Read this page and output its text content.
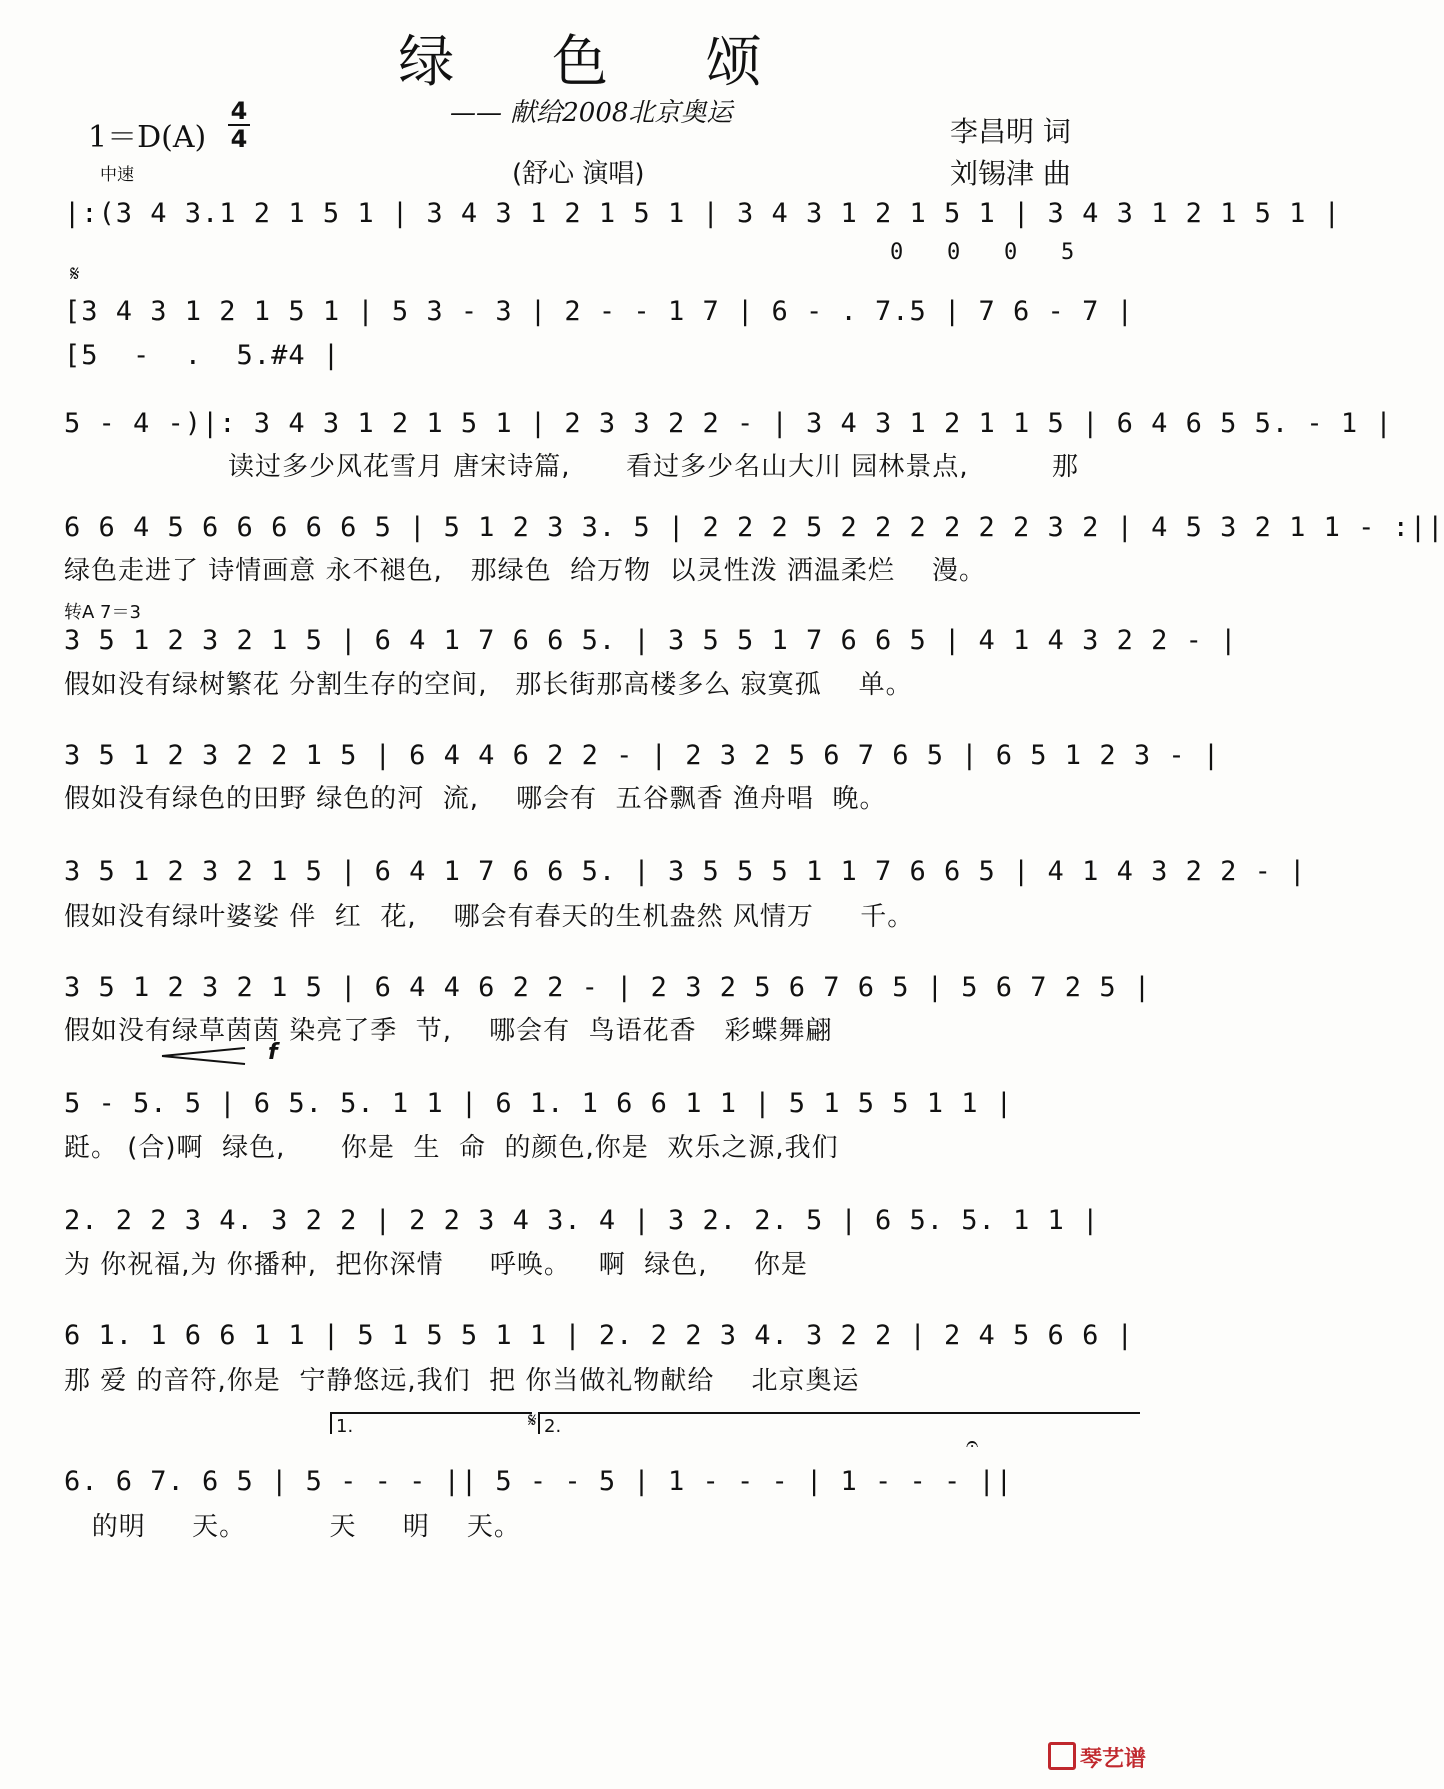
绿 色 颂
—— 献给2008北京奥运
1＝D(A)
4
4
中速	(舒心 演唱)
李昌明 词
刘锡津 曲
|:(3 4 3.1 2 1 5 1 | 3 4 3 1 2 1 5 1 | 3 4 3 1 2 1 5 1 | 3 4 3 1 2 1 5 1 |
0   0   0   5
𝄋
[3 4 3 1 2 1 5 1 | 5 3 - 3 | 2 - - 1 7 | 6 - . 7.5 | 7 6 - 7 |
[5  -  .  5.#4 |
5 - 4 -)|: 3 4 3 1 2 1 5 1 | 2 3 3 2 2 - | 3 4 3 1 2 1 1 5 | 6 4 6 5 5. - 1 |
读过多少风花雪月 唐宋诗篇,      看过多少名山大川 园林景点,         那
6 6 4 5 6 6 6 6 6 5 | 5 1 2 3 3. 5 | 2 2 2 5 2 2 2 2 2 2 3 2 | 4 5 3 2 1 1 - :||
绿色走进了 诗情画意 永不褪色,   那绿色  给万物  以灵性泼 洒温柔烂    漫。
转A 7＝3
3 5 1 2 3 2 1 5 | 6 4 1 7 6 6 5. | 3 5 5 1 7 6 6 5 | 4 1 4 3 2 2 - |
假如没有绿树繁花 分割生存的空间,   那长街那高楼多么 寂寞孤    单。
3 5 1 2 3 2 2 1 5 | 6 4 4 6 2 2 - | 2 3 2 5 6 7 6 5 | 6 5 1 2 3 - |
假如没有绿色的田野 绿色的河  流,    哪会有  五谷飘香 渔舟唱  晚。
3 5 1 2 3 2 1 5 | 6 4 1 7 6 6 5. | 3 5 5 5 1 1 7 6 6 5 | 4 1 4 3 2 2 - |
假如没有绿叶婆娑 伴  红  花,    哪会有春天的生机盎然 风情万     千。
3 5 1 2 3 2 1 5 | 6 4 4 6 2 2 - | 2 3 2 5 6 7 6 5 | 5 6 7 2 5 |
假如没有绿草茵茵 染亮了季  节,    哪会有  鸟语花香   彩蝶舞翩
f
5 - 5. 5 | 6 5. 5. 1 1 | 6 1. 1 6 6 1 1 | 5 1 5 5 1 1 |
跹。 (合)啊  绿色,      你是  生  命  的颜色,你是  欢乐之源,我们
2. 2 2 3 4. 3 2 2 | 2 2 3 4 3. 4 | 3 2. 2. 5 | 6 5. 5. 1 1 |
为 你祝福,为 你播种,  把你深情     呼唤。   啊  绿色,     你是
6 1. 1 6 6 1 1 | 5 1 5 5 1 1 | 2. 2 2 3 4. 3 2 2 | 2 4 5 6 6 |
那 爱 的音符,你是  宁静悠远,我们  把 你当做礼物献给    北京奥运
1.	2.
𝄋
𝄐
6. 6 7. 6 5 | 5 - - - || 5 - - 5 | 1 - - - | 1 - - - ||
的明     天。         天     明    天。
琴艺谱
